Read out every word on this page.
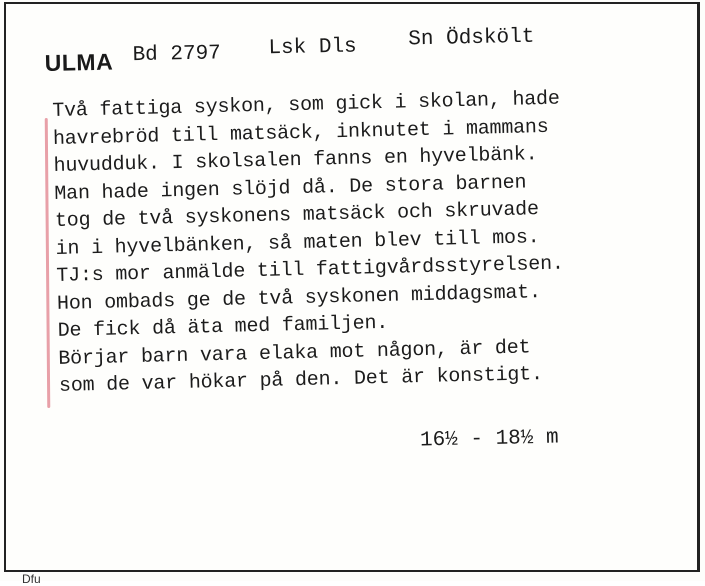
ULMA Bd 2797 Lsk Dls Sn Ödskölt
Två fattiga syskon, som gick i skolan, hade
havrebröd till matsäck, inknutet i mammans
huvudduk. I skolsalen fanns en hyvelbänk.
Man hade ingen slöjd då. De stora barnen
tog de två syskonens matsäck och skruvade
in i hyvelbänken, så maten blev till mos.
TJ:s mor anmälde till fattigvårdsstyrelsen.
Hon ombads ge de två syskonen middagsmat.
De fick då äta med familjen.
Börjar barn vara elaka mot någon, är det
som de var hökar på den. Det är konstigt.
16½ - 18½ m
Dfu
